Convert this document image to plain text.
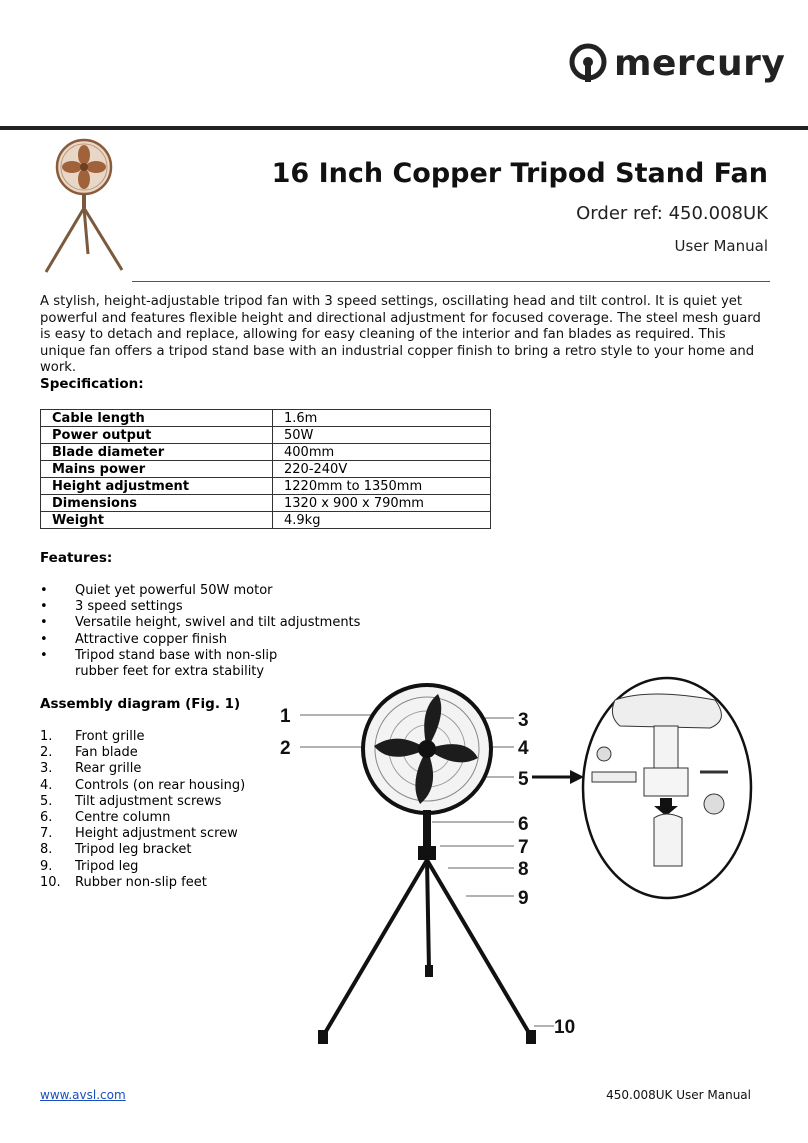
mercury
16 Inch Copper Tripod Stand Fan
Order ref: 450.008UK
User Manual

A stylish, height-adjustable tripod fan with 3 speed settings, oscillating head and tilt control. It is quiet yet powerful and features flexible height and directional adjustment for focused coverage. The steel mesh guard is easy to detach and replace, allowing for easy cleaning of the interior and fan blades as required. This unique fan offers a tripod stand base with an industrial copper finish to bring a retro style to your home and work.

Specification:
Cable length	1.6m
Power output	50W
Blade diameter	400mm
Mains power	220-240V
Height adjustment	1220mm to 1350mm
Dimensions	1320 x 900 x 790mm
Weight	4.9kg
Features:
• Quiet yet powerful 50W motor
• 3 speed settings
• Versatile height, swivel and tilt adjustments
• Attractive copper finish
• Tripod stand base with non-slip
rubber feet for extra stability
Assembly diagram (Fig. 1)
1. Front grille
2. Fan blade
3. Rear grille
4. Controls (on rear housing)
5. Tilt adjustment screws
6. Centre column
7. Height adjustment screw
8. Tripod leg bracket
9. Tripod leg
10. Rubber non-slip feet
1
2
3
4
5
6
7
8
9
10
www.avsl.com	450.008UK User Manual
